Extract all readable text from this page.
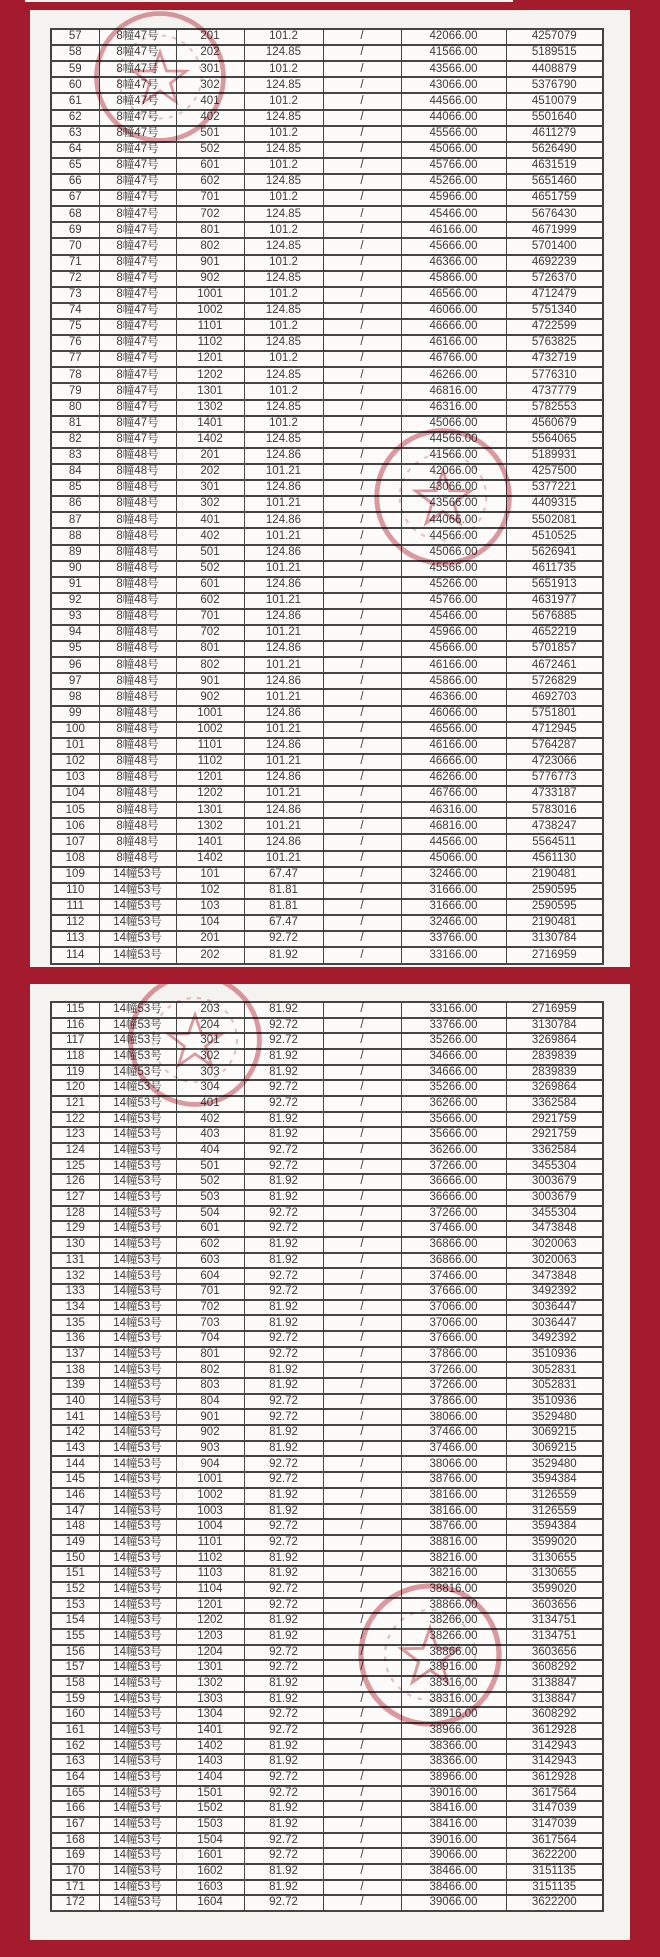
57	8幢47号	201	101.2	/	42066.00	4257079
58	8幢47号	202	124.85	/	41566.00	5189515
59	8幢47号	301	101.2	/	43566.00	4408879
60	8幢47号	302	124.85	/	43066.00	5376790
61	8幢47号	401	101.2	/	44566.00	4510079
62	8幢47号	402	124.85	/	44066.00	5501640
63	8幢47号	501	101.2	/	45566.00	4611279
64	8幢47号	502	124.85	/	45066.00	5626490
65	8幢47号	601	101.2	/	45766.00	4631519
66	8幢47号	602	124.85	/	45266.00	5651460
67	8幢47号	701	101.2	/	45966.00	4651759
68	8幢47号	702	124.85	/	45466.00	5676430
69	8幢47号	801	101.2	/	46166.00	4671999
70	8幢47号	802	124.85	/	45666.00	5701400
71	8幢47号	901	101.2	/	46366.00	4692239
72	8幢47号	902	124.85	/	45866.00	5726370
73	8幢47号	1001	101.2	/	46566.00	4712479
74	8幢47号	1002	124.85	/	46066.00	5751340
75	8幢47号	1101	101.2	/	46666.00	4722599
76	8幢47号	1102	124.85	/	46166.00	5763825
77	8幢47号	1201	101.2	/	46766.00	4732719
78	8幢47号	1202	124.85	/	46266.00	5776310
79	8幢47号	1301	101.2	/	46816.00	4737779
80	8幢47号	1302	124.85	/	46316.00	5782553
81	8幢47号	1401	101.2	/	45066.00	4560679
82	8幢47号	1402	124.85	/	44566.00	5564065
83	8幢48号	201	124.86	/	41566.00	5189931
84	8幢48号	202	101.21	/	42066.00	4257500
85	8幢48号	301	124.86	/	43066.00	5377221
86	8幢48号	302	101.21	/	43566.00	4409315
87	8幢48号	401	124.86	/	44066.00	5502081
88	8幢48号	402	101.21	/	44566.00	4510525
89	8幢48号	501	124.86	/	45066.00	5626941
90	8幢48号	502	101.21	/	45566.00	4611735
91	8幢48号	601	124.86	/	45266.00	5651913
92	8幢48号	602	101.21	/	45766.00	4631977
93	8幢48号	701	124.86	/	45466.00	5676885
94	8幢48号	702	101.21	/	45966.00	4652219
95	8幢48号	801	124.86	/	45666.00	5701857
96	8幢48号	802	101.21	/	46166.00	4672461
97	8幢48号	901	124.86	/	45866.00	5726829
98	8幢48号	902	101.21	/	46366.00	4692703
99	8幢48号	1001	124.86	/	46066.00	5751801
100	8幢48号	1002	101.21	/	46566.00	4712945
101	8幢48号	1101	124.86	/	46166.00	5764287
102	8幢48号	1102	101.21	/	46666.00	4723066
103	8幢48号	1201	124.86	/	46266.00	5776773
104	8幢48号	1202	101.21	/	46766.00	4733187
105	8幢48号	1301	124.86	/	46316.00	5783016
106	8幢48号	1302	101.21	/	46816.00	4738247
107	8幢48号	1401	124.86	/	44566.00	5564511
108	8幢48号	1402	101.21	/	45066.00	4561130
109	14幢53号	101	67.47	/	32466.00	2190481
110	14幢53号	102	81.81	/	31666.00	2590595
111	14幢53号	103	81.81	/	31666.00	2590595
112	14幢53号	104	67.47	/	32466.00	2190481
113	14幢53号	201	92.72	/	33766.00	3130784
114	14幢53号	202	81.92	/	33166.00	2716959
115	14幢53号	203	81.92	/	33166.00	2716959
116	14幢53号	204	92.72	/	33766.00	3130784
117	14幢53号	301	92.72	/	35266.00	3269864
118	14幢53号	302	81.92	/	34666.00	2839839
119	14幢53号	303	81.92	/	34666.00	2839839
120	14幢53号	304	92.72	/	35266.00	3269864
121	14幢53号	401	92.72	/	36266.00	3362584
122	14幢53号	402	81.92	/	35666.00	2921759
123	14幢53号	403	81.92	/	35666.00	2921759
124	14幢53号	404	92.72	/	36266.00	3362584
125	14幢53号	501	92.72	/	37266.00	3455304
126	14幢53号	502	81.92	/	36666.00	3003679
127	14幢53号	503	81.92	/	36666.00	3003679
128	14幢53号	504	92.72	/	37266.00	3455304
129	14幢53号	601	92.72	/	37466.00	3473848
130	14幢53号	602	81.92	/	36866.00	3020063
131	14幢53号	603	81.92	/	36866.00	3020063
132	14幢53号	604	92.72	/	37466.00	3473848
133	14幢53号	701	92.72	/	37666.00	3492392
134	14幢53号	702	81.92	/	37066.00	3036447
135	14幢53号	703	81.92	/	37066.00	3036447
136	14幢53号	704	92.72	/	37666.00	3492392
137	14幢53号	801	92.72	/	37866.00	3510936
138	14幢53号	802	81.92	/	37266.00	3052831
139	14幢53号	803	81.92	/	37266.00	3052831
140	14幢53号	804	92.72	/	37866.00	3510936
141	14幢53号	901	92.72	/	38066.00	3529480
142	14幢53号	902	81.92	/	37466.00	3069215
143	14幢53号	903	81.92	/	37466.00	3069215
144	14幢53号	904	92.72	/	38066.00	3529480
145	14幢53号	1001	92.72	/	38766.00	3594384
146	14幢53号	1002	81.92	/	38166.00	3126559
147	14幢53号	1003	81.92	/	38166.00	3126559
148	14幢53号	1004	92.72	/	38766.00	3594384
149	14幢53号	1101	92.72	/	38816.00	3599020
150	14幢53号	1102	81.92	/	38216.00	3130655
151	14幢53号	1103	81.92	/	38216.00	3130655
152	14幢53号	1104	92.72	/	38816.00	3599020
153	14幢53号	1201	92.72	/	38866.00	3603656
154	14幢53号	1202	81.92	/	38266.00	3134751
155	14幢53号	1203	81.92	/	38266.00	3134751
156	14幢53号	1204	92.72	/	38866.00	3603656
157	14幢53号	1301	92.72	/	38916.00	3608292
158	14幢53号	1302	81.92	/	38316.00	3138847
159	14幢53号	1303	81.92	/	38316.00	3138847
160	14幢53号	1304	92.72	/	38916.00	3608292
161	14幢53号	1401	92.72	/	38966.00	3612928
162	14幢53号	1402	81.92	/	38366.00	3142943
163	14幢53号	1403	81.92	/	38366.00	3142943
164	14幢53号	1404	92.72	/	38966.00	3612928
165	14幢53号	1501	92.72	/	39016.00	3617564
166	14幢53号	1502	81.92	/	38416.00	3147039
167	14幢53号	1503	81.92	/	38416.00	3147039
168	14幢53号	1504	92.72	/	39016.00	3617564
169	14幢53号	1601	92.72	/	39066.00	3622200
170	14幢53号	1602	81.92	/	38466.00	3151135
171	14幢53号	1603	81.92	/	38466.00	3151135
172	14幢53号	1604	92.72	/	39066.00	3622200
